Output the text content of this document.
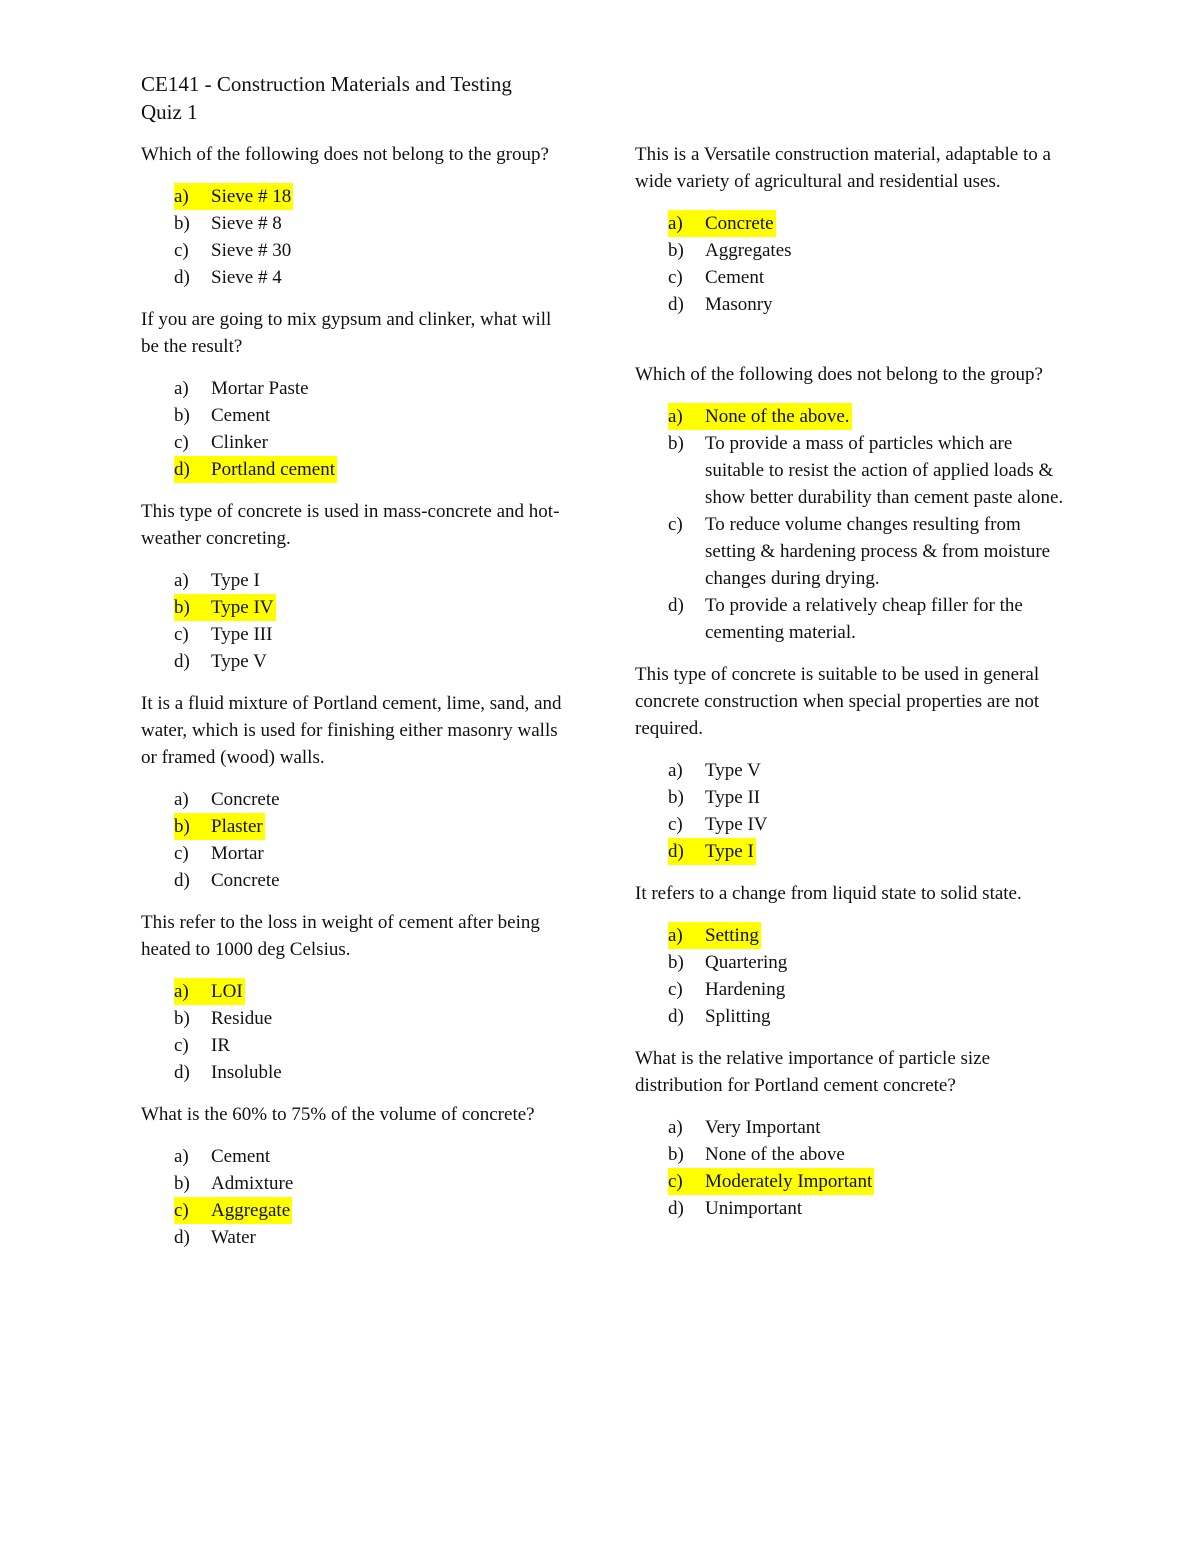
CE141 - Construction Materials and Testing
Quiz 1

Which of the following does not belong to the group?

a)	Sieve # 18
b)	Sieve # 8
c)	Sieve # 30
d)	Sieve # 4

If you are going to mix gypsum and clinker, what will be the result?

a)	Mortar Paste
b)	Cement
c)	Clinker
d)	Portland cement

This type of concrete is used in mass-concrete and hot-weather concreting.

a)	Type I
b)	Type IV
c)	Type III
d)	Type V

It is a fluid mixture of Portland cement, lime, sand, and water, which is used for finishing either masonry walls or framed (wood) walls.

a)	Concrete
b)	Plaster
c)	Mortar
d)	Concrete

This refer to the loss in weight of cement after being heated to 1000 deg Celsius.

a)	LOI
b)	Residue
c)	IR
d)	Insoluble

What is the 60% to 75% of the volume of concrete?

a)	Cement
b)	Admixture
c)	Aggregate
d)	Water

This is a Versatile construction material, adaptable to a wide variety of agricultural and residential uses.

a)	Concrete
b)	Aggregates
c)	Cement
d)	Masonry

Which of the following does not belong to the group?

a)	None of the above.
b)	To provide a mass of particles which are suitable to resist the action of applied loads & show better durability than cement paste alone.
c)	To reduce volume changes resulting from setting & hardening process & from moisture changes during drying.
d)	To provide a relatively cheap filler for the cementing material.

This type of concrete is suitable to be used in general concrete construction when special properties are not required.

a)	Type V
b)	Type II
c)	Type IV
d)	Type I

It refers to a change from liquid state to solid state.

a)	Setting
b)	Quartering
c)	Hardening
d)	Splitting

What is the relative importance of particle size distribution for Portland cement concrete?

a)	Very Important
b)	None of the above
c)	Moderately Important
d)	Unimportant
